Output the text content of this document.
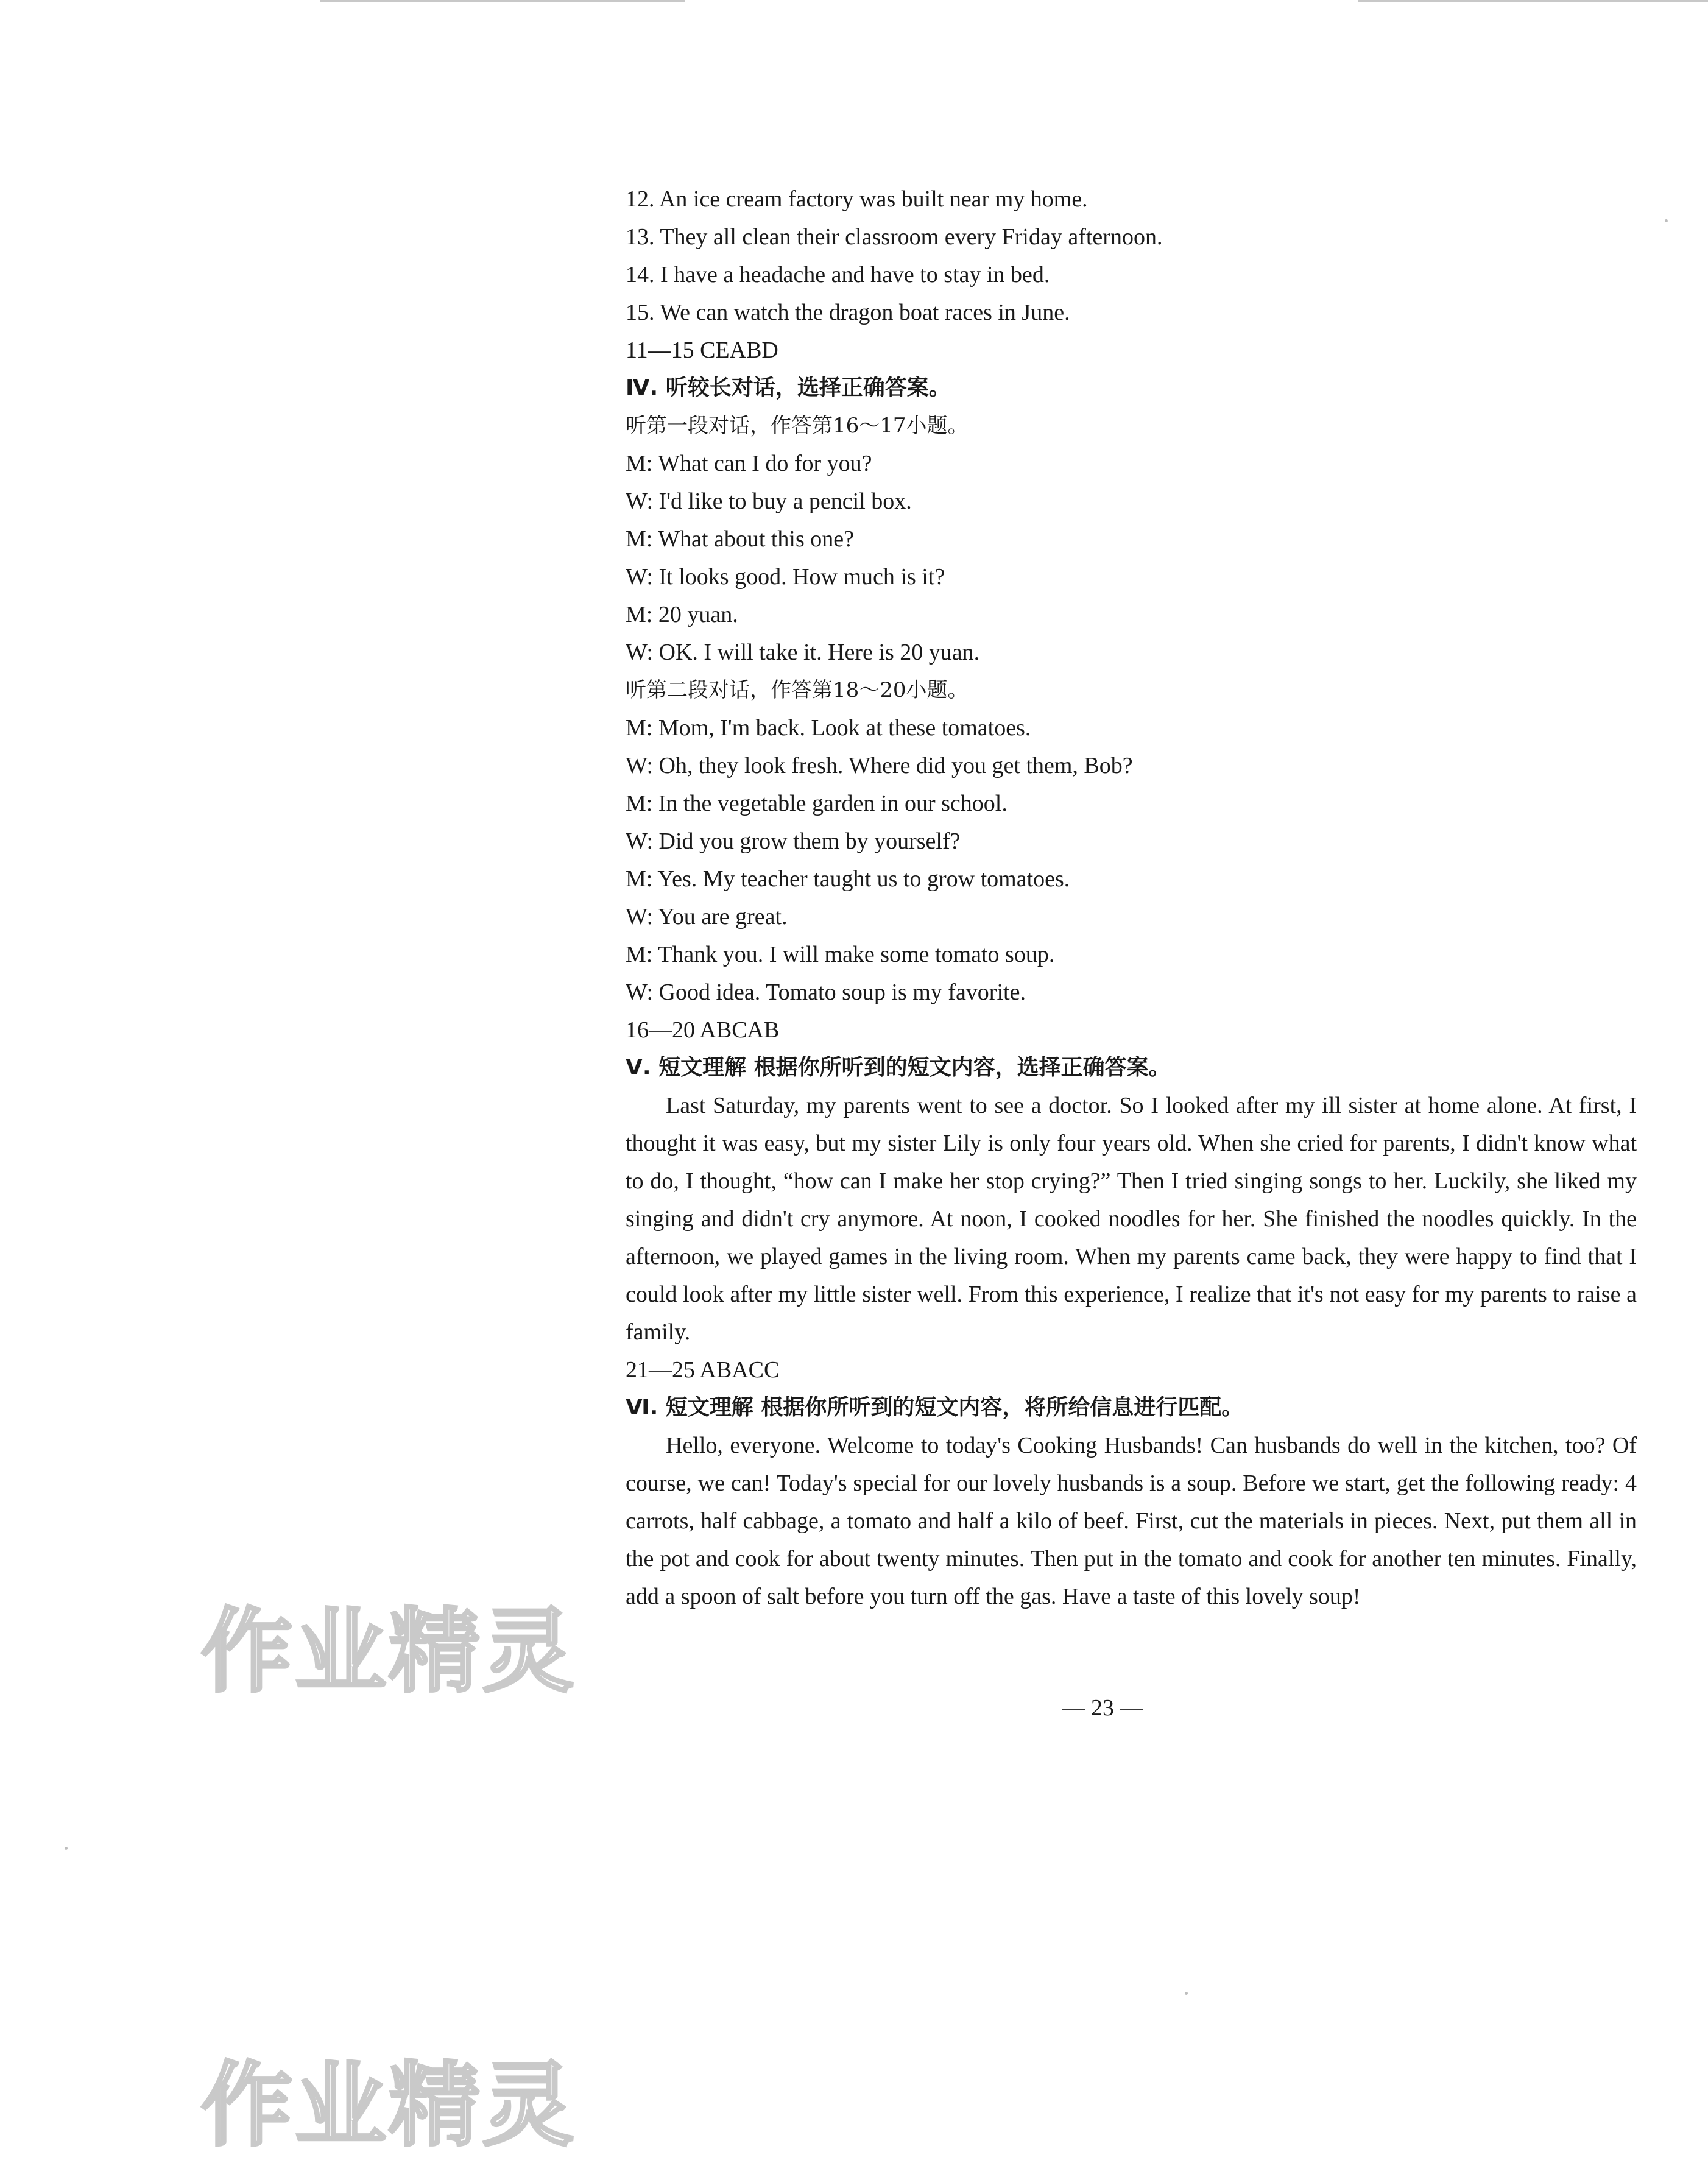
12. An ice cream factory was built near my home.
13. They all clean their classroom every Friday afternoon.
14. I have a headache and have to stay in bed.
15. We can watch the dragon boat races in June.
11—15 CEABD
Ⅳ. 听较长对话，选择正确答案。
听第一段对话，作答第16～17小题。
M: What can I do for you?
W: I'd like to buy a pencil box.
M: What about this one?
W: It looks good. How much is it?
M: 20 yuan.
W: OK. I will take it. Here is 20 yuan.
听第二段对话，作答第18～20小题。
M: Mom, I'm back. Look at these tomatoes.
W: Oh, they look fresh. Where did you get them, Bob?
M: In the vegetable garden in our school.
W: Did you grow them by yourself?
M: Yes. My teacher taught us to grow tomatoes.
W: You are great.
M: Thank you. I will make some tomato soup.
W: Good idea. Tomato soup is my favorite.
16—20 ABCAB
Ⅴ. 短文理解 根据你所听到的短文内容，选择正确答案。

Last Saturday, my parents went to see a doctor. So I looked after my ill sister at home alone. At first, I thought it was easy, but my sister Lily is only four years old. When she cried for parents, I didn't know what to do, I thought, “how can I make her stop crying?” Then I tried singing songs to her. Luckily, she liked my singing and didn't cry anymore. At noon, I cooked noodles for her. She finished the noodles quickly. In the afternoon, we played games in the living room. When my parents came back, they were happy to find that I could look after my little sister well. From this experience, I realize that it's not easy for my parents to raise a family.

21—25 ABACC
Ⅵ. 短文理解 根据你所听到的短文内容，将所给信息进行匹配。

Hello, everyone. Welcome to today's Cooking Husbands! Can husbands do well in the kitchen, too? Of course, we can! Today's special for our lovely husbands is a soup. Before we start, get the following ready: 4 carrots, half cabbage, a tomato and half a kilo of beef. First, cut the materials in pieces. Next, put them all in the pot and cook for about twenty minutes. Then put in the tomato and cook for another ten minutes. Finally, add a spoon of salt before you turn off the gas. Have a taste of this lovely soup!

— 23 —
作业精灵
作业精灵
